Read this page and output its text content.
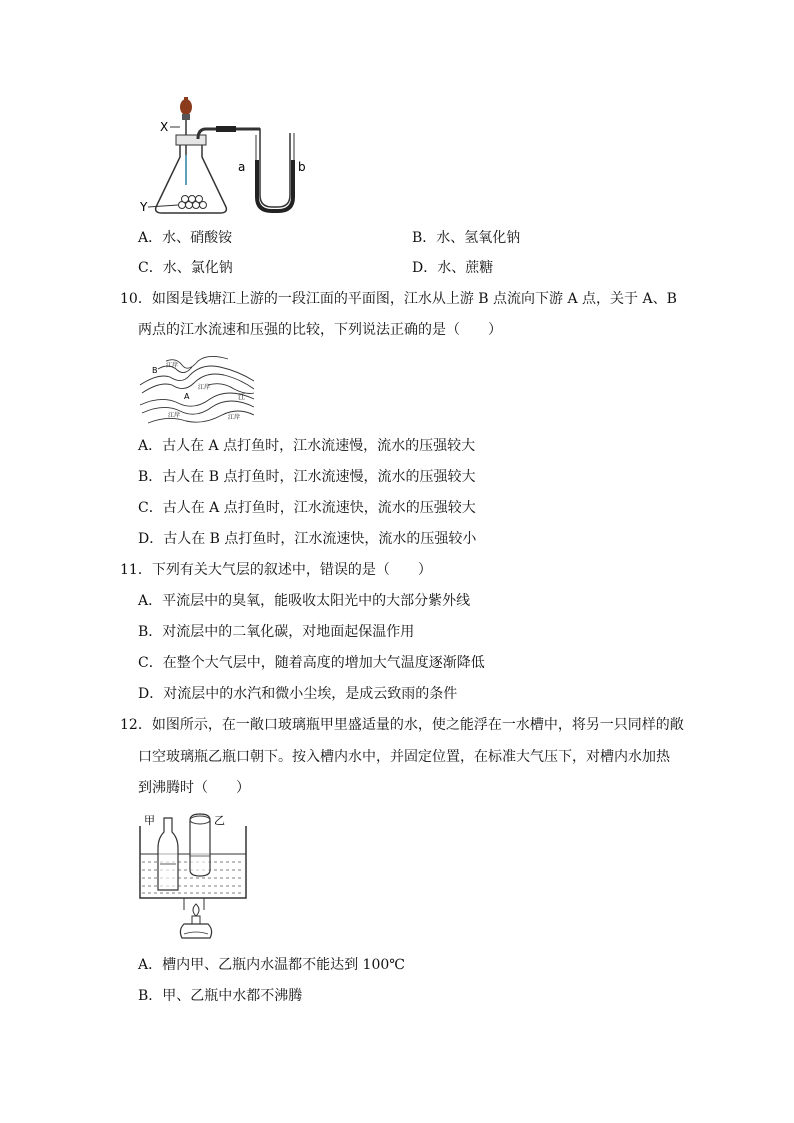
X
Y
a	b
A．水、硝酸铵	B．水、氢氧化钠
C．水、氯化钠	D．水、蔗糖
10．如图是钱塘江上游的一段江面的平面图，江水从上游 B 点流向下游 A 点，关于 A、B
两点的江水流速和压强的比较，下列说法正确的是（　　）
B
A
江岸
江岸
江岸	江岸
江
A．古人在 A 点打鱼时，江水流速慢，流水的压强较大
B．古人在 B 点打鱼时，江水流速慢，流水的压强较大
C．古人在 A 点打鱼时，江水流速快，流水的压强较大
D．古人在 B 点打鱼时，江水流速快，流水的压强较小
11．下列有关大气层的叙述中，错误的是（　　）
A．平流层中的臭氧，能吸收太阳光中的大部分紫外线
B．对流层中的二氧化碳，对地面起保温作用
C．在整个大气层中，随着高度的增加大气温度逐渐降低
D．对流层中的水汽和微小尘埃，是成云致雨的条件
12．如图所示，在一敞口玻璃瓶甲里盛适量的水，使之能浮在一水槽中，将另一只同样的敞
口空玻璃瓶乙瓶口朝下。按入槽内水中，并固定位置，在标准大气压下，对槽内水加热
到沸腾时（　　）
甲	乙
A．槽内甲、乙瓶内水温都不能达到 100℃
B．甲、乙瓶中水都不沸腾
